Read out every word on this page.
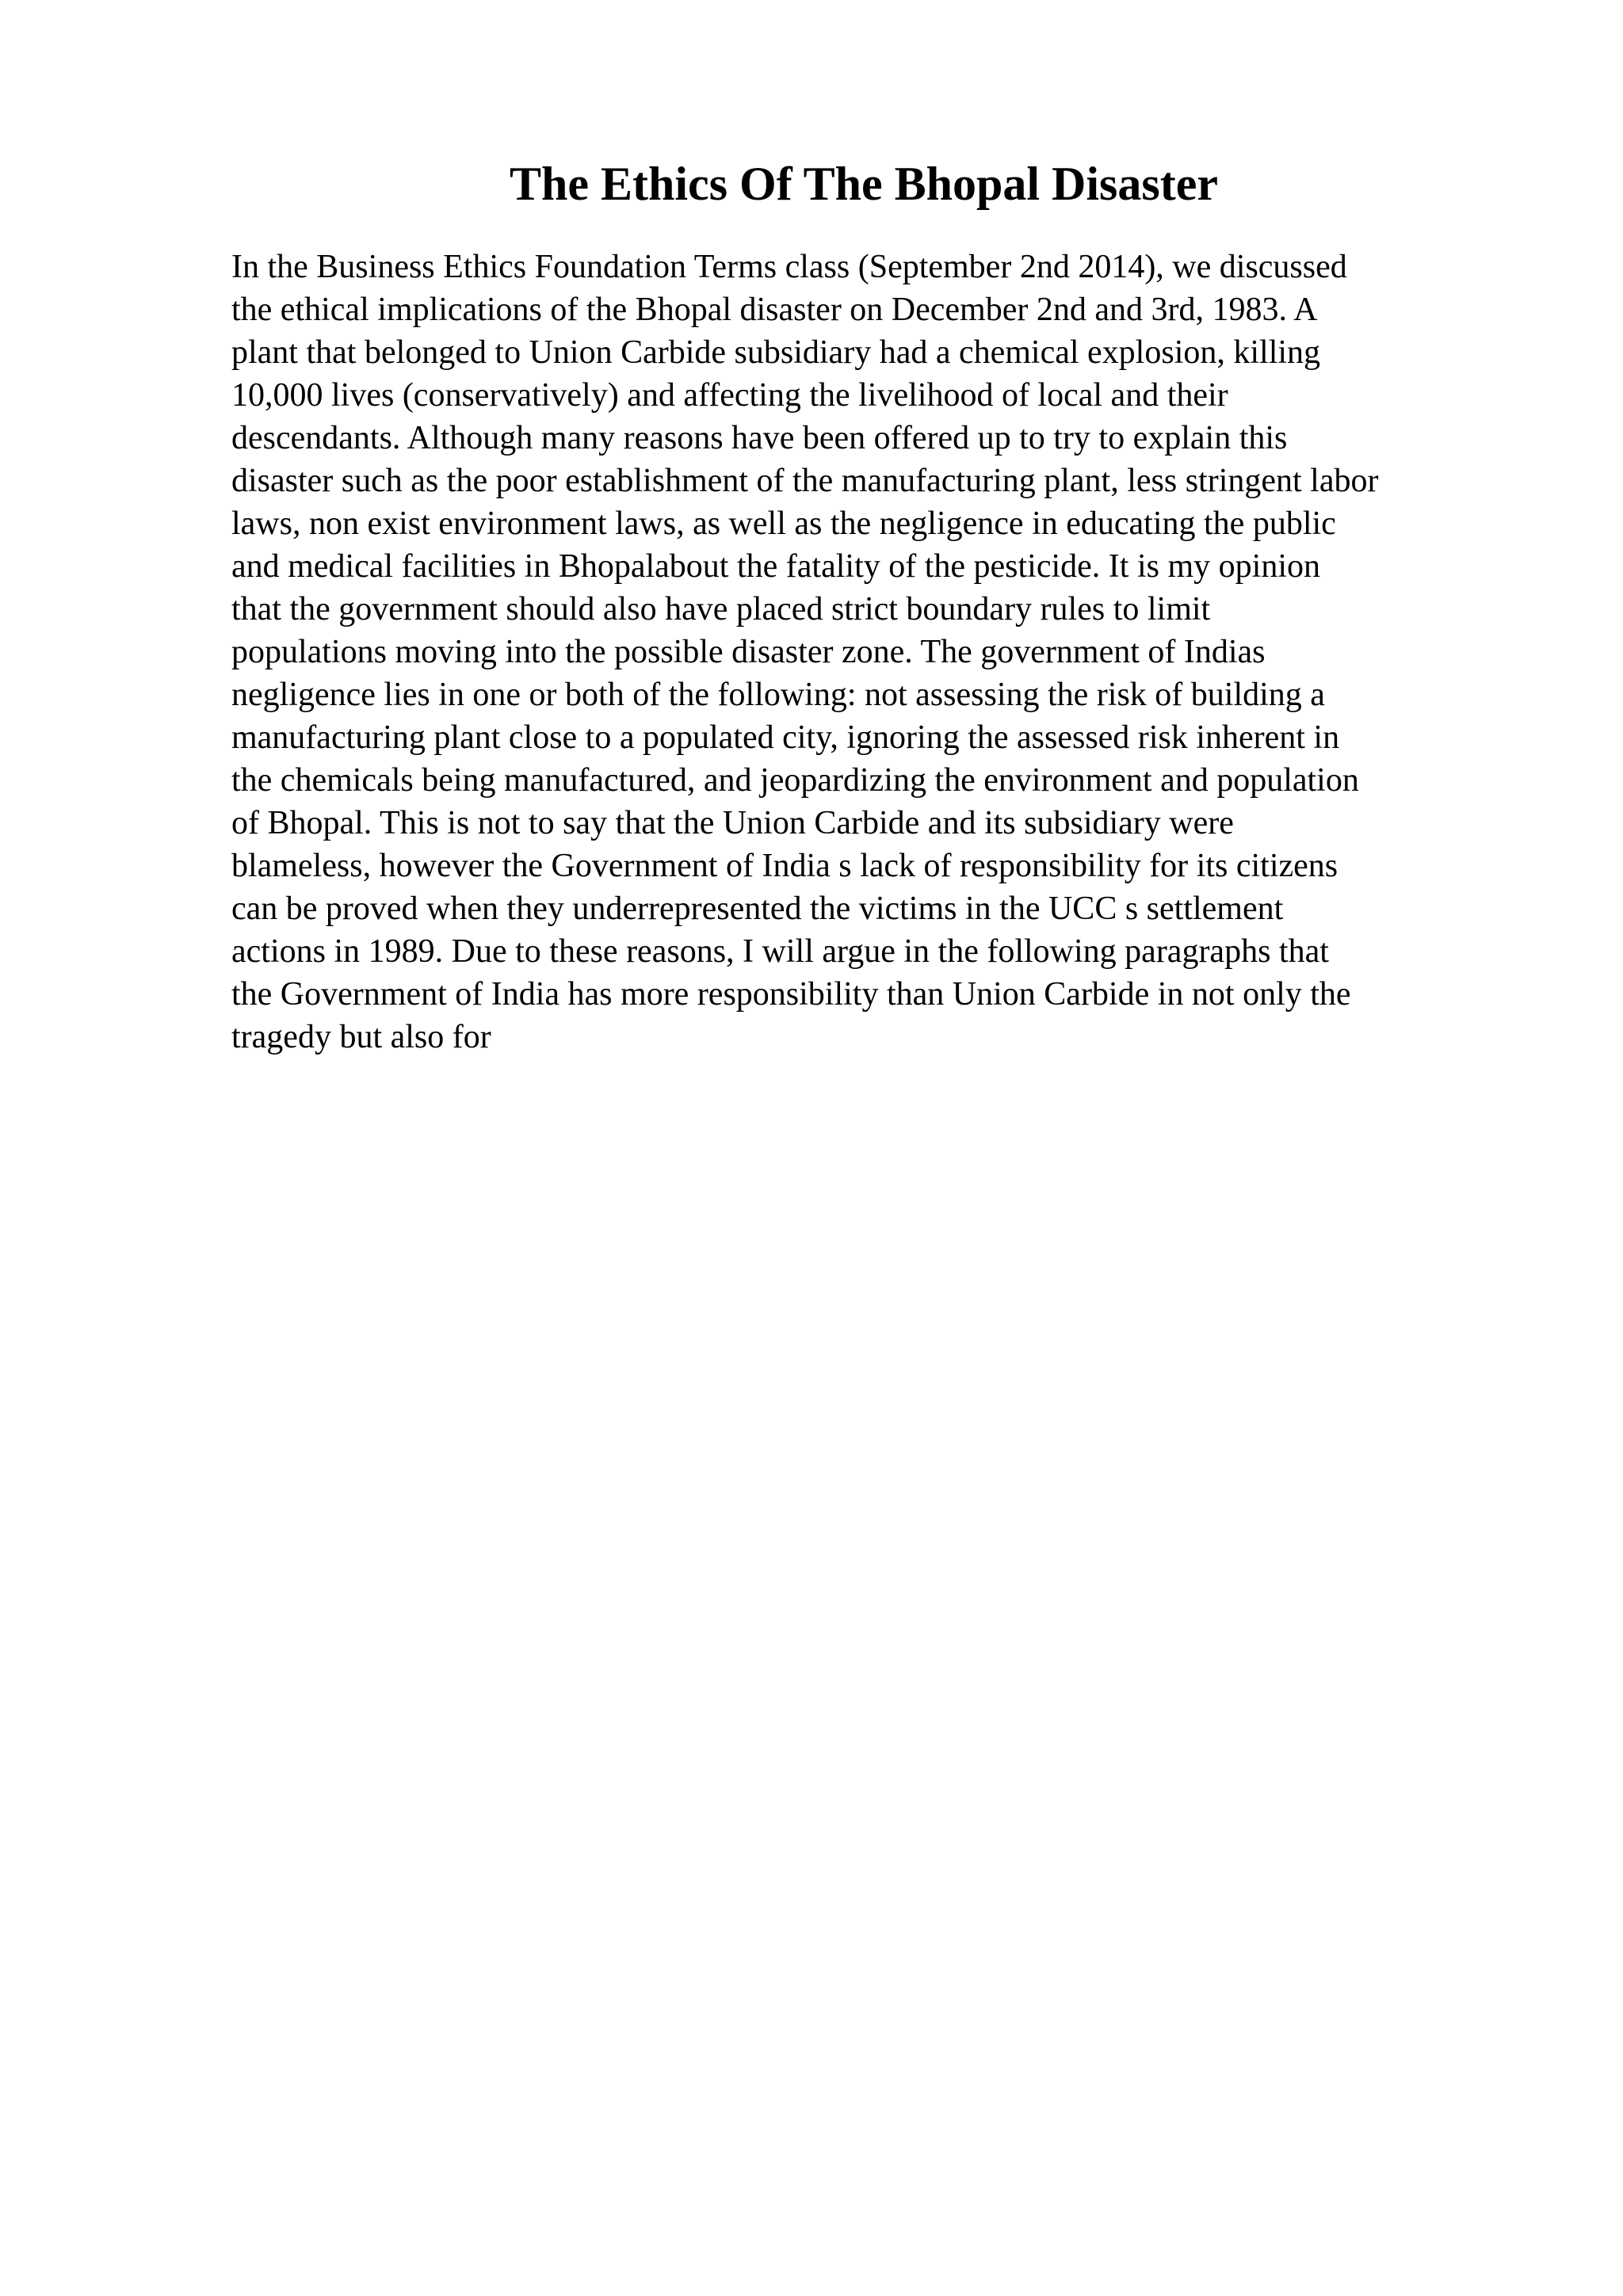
The Ethics Of The Bhopal Disaster
In the Business Ethics Foundation Terms class (September 2nd 2014), we discussed
the ethical implications of the Bhopal disaster on December 2nd and 3rd, 1983. A
plant that belonged to Union Carbide subsidiary had a chemical explosion, killing
10,000 lives (conservatively) and affecting the livelihood of local and their
descendants. Although many reasons have been offered up to try to explain this
disaster such as the poor establishment of the manufacturing plant, less stringent labor
laws, non exist environment laws, as well as the negligence in educating the public
and medical facilities in Bhopalabout the fatality of the pesticide. It is my opinion
that the government should also have placed strict boundary rules to limit
populations moving into the possible disaster zone. The government of Indias
negligence lies in one or both of the following: not assessing the risk of building a
manufacturing plant close to a populated city, ignoring the assessed risk inherent in
the chemicals being manufactured, and jeopardizing the environment and population
of Bhopal. This is not to say that the Union Carbide and its subsidiary were
blameless, however the Government of India s lack of responsibility for its citizens
can be proved when they underrepresented the victims in the UCC s settlement
actions in 1989. Due to these reasons, I will argue in the following paragraphs that
the Government of India has more responsibility than Union Carbide in not only the
tragedy but also for
